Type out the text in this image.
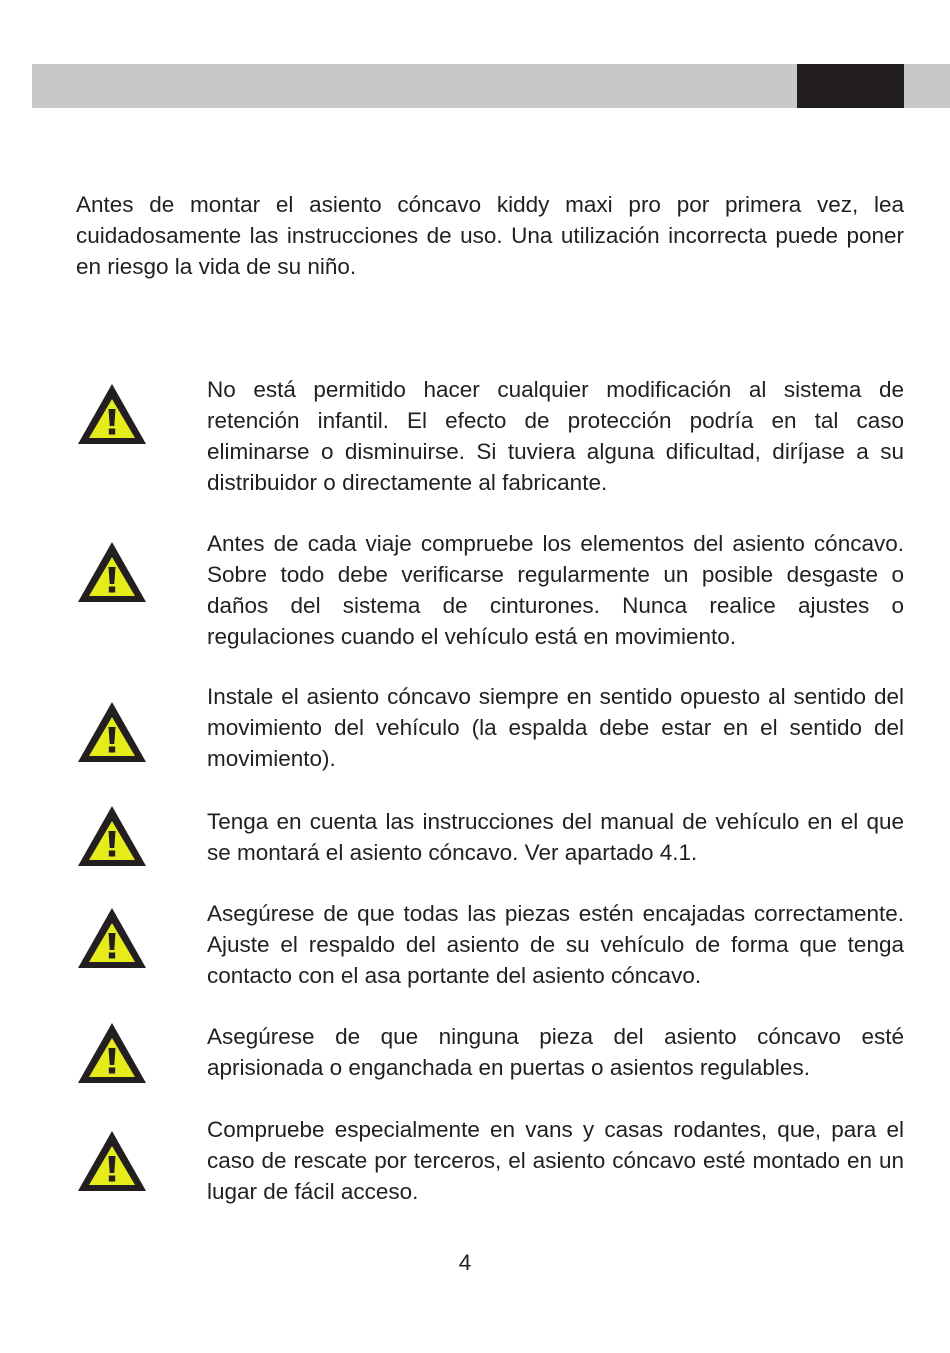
Antes de montar el asiento cóncavo kiddy maxi pro por primera vez, lea cuidadosamente las instrucciones de uso. Una utilización incorrecta puede poner en riesgo la vida de su niño.

No está permitido hacer cualquier modificación al sistema de retención infantil. El efecto de protección podría en tal caso eliminarse o disminuirse. Si tuviera alguna dificultad, diríjase a su distribuidor o directamente al fabricante.

Antes de cada viaje compruebe los elementos del asiento cóncavo. Sobre todo debe verificarse regularmente un posible desgaste o daños del sistema de cinturones. Nunca realice ajustes o regulaciones cuando el vehículo está en movimiento.

Instale el asiento cóncavo siempre en sentido opuesto al sentido del movimiento del vehículo (la espalda debe estar en el sentido del movimiento).

Tenga en cuenta las instrucciones del manual de vehículo en el que se montará el asiento cóncavo. Ver apartado 4.1.

Asegúrese de que todas las piezas estén encajadas correctamente. Ajuste el respaldo del asiento de su vehículo de forma que tenga contacto con el asa portante del asiento cóncavo.

Asegúrese de que ninguna pieza del asiento cóncavo esté aprisionada o enganchada en puertas o asientos regulables.

Compruebe especialmente en vans y casas rodantes, que, para el caso de rescate por terceros, el asiento cóncavo esté montado en un lugar de fácil acceso.

4
